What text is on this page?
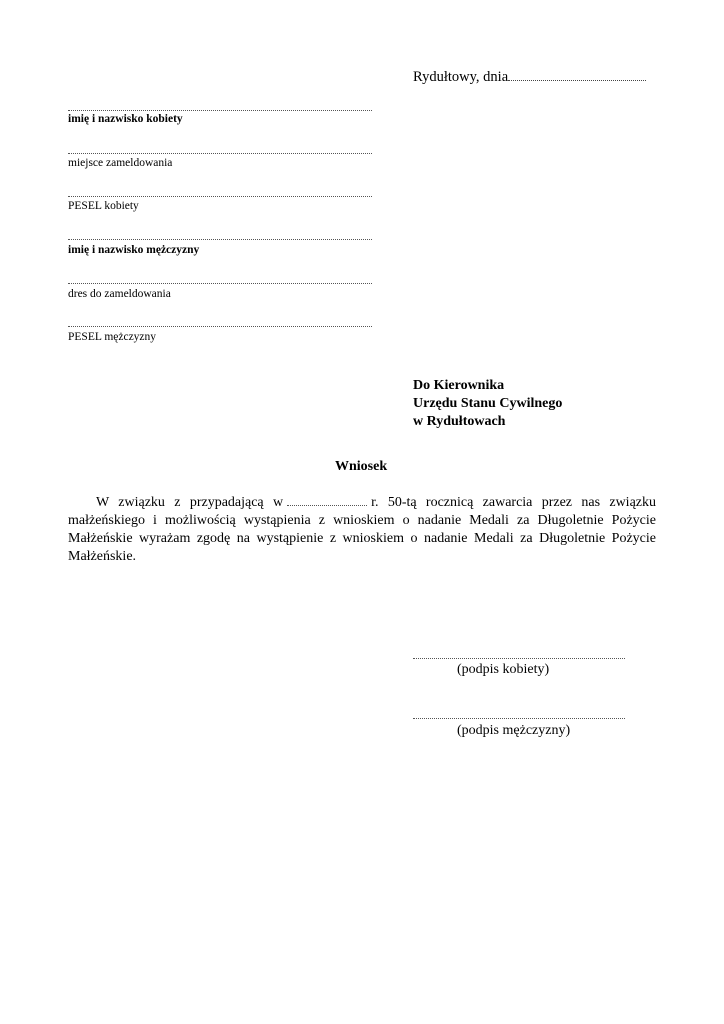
Rydułtowy, dnia
imię i nazwisko kobiety
miejsce zameldowania
PESEL kobiety
imię i nazwisko mężczyzny
dres do zameldowania
PESEL mężczyzny
Do Kierownika
Urzędu Stanu Cywilnego
w Rydułtowach
Wniosek

W związku z przypadającą w	r. 50-tą rocznicą zawarcia przez nas związku małżeńskiego i możliwością wystąpienia z wnioskiem o nadanie Medali za Długoletnie Pożycie Małżeńskie wyrażam zgodę na wystąpienie z wnioskiem o nadanie Medali za Długoletnie Pożycie Małżeńskie.

(podpis kobiety)
(podpis mężczyzny)
